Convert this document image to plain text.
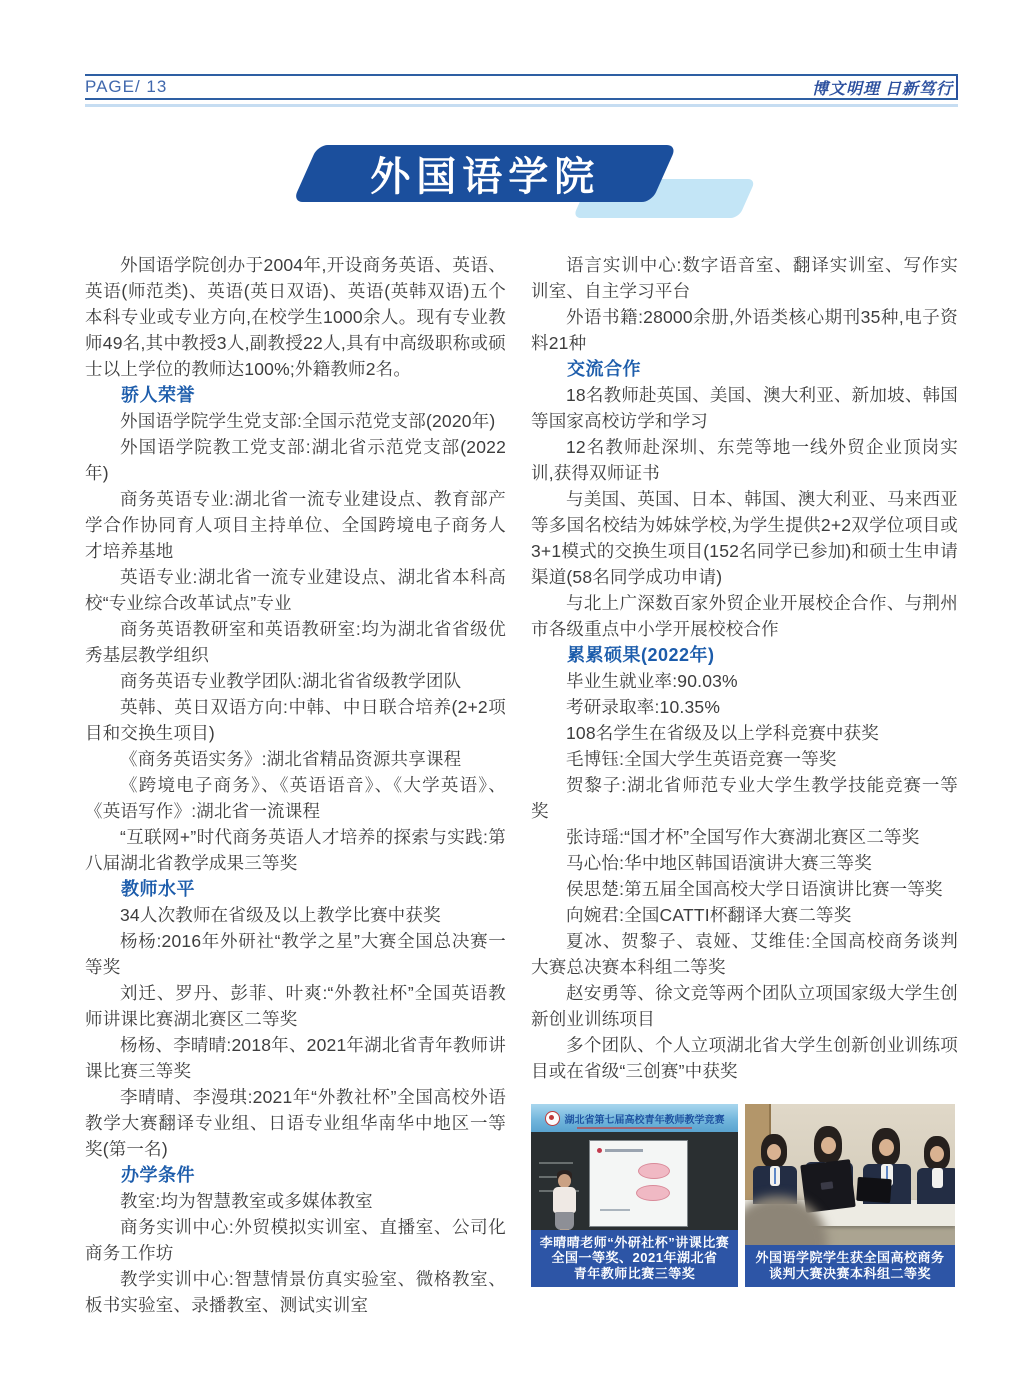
PAGE/ 13	博文明理 日新笃行
外国语学院
外国语学院创办于2004年,开设商务英语、英语、英语(师范类)、英语(英日双语)、英语(英韩双语)五个本科专业或专业方向,在校学生1000余人。现有专业教师49名,其中教授3人,副教授22人,具有中高级职称或硕士以上学位的教师达100%;外籍教师2名。
骄人荣誉
外国语学院学生党支部:全国示范党支部(2020年)
外国语学院教工党支部:湖北省示范党支部(2022年)
商务英语专业:湖北省一流专业建设点、教育部产学合作协同育人项目主持单位、全国跨境电子商务人才培养基地
英语专业:湖北省一流专业建设点、湖北省本科高校“专业综合改革试点”专业
商务英语教研室和英语教研室:均为湖北省省级优秀基层教学组织
商务英语专业教学团队:湖北省省级教学团队
英韩、英日双语方向:中韩、中日联合培养(2+2项目和交换生项目)
《商务英语实务》:湖北省精品资源共享课程
《跨境电子商务》、《英语语音》、《大学英语》、《英语写作》:湖北省一流课程
“互联网+”时代商务英语人才培养的探索与实践:第八届湖北省教学成果三等奖
教师水平
34人次教师在省级及以上教学比赛中获奖
杨杨:2016年外研社“教学之星”大赛全国总决赛一等奖
刘迁、罗丹、彭菲、叶爽:“外教社杯”全国英语教师讲课比赛湖北赛区二等奖
杨杨、李晴晴:2018年、2021年湖北省青年教师讲课比赛三等奖
李晴晴、李漫琪:2021年“外教社杯”全国高校外语教学大赛翻译专业组、日语专业组华南华中地区一等奖(第一名)
办学条件
教室:均为智慧教室或多媒体教室
商务实训中心:外贸模拟实训室、直播室、公司化商务工作坊
教学实训中心:智慧情景仿真实验室、微格教室、板书实验室、录播教室、测试实训室
语言实训中心:数字语音室、翻译实训室、写作实训室、自主学习平台
外语书籍:28000余册,外语类核心期刊35种,电子资料21种
交流合作
18名教师赴英国、美国、澳大利亚、新加坡、韩国等国家高校访学和学习
12名教师赴深圳、东莞等地一线外贸企业顶岗实训,获得双师证书
与美国、英国、日本、韩国、澳大利亚、马来西亚等多国名校结为姊妹学校,为学生提供2+2双学位项目或3+1模式的交换生项目(152名同学已参加)和硕士生申请渠道(58名同学成功申请)
与北上广深数百家外贸企业开展校企合作、与荆州市各级重点中小学开展校校合作
累累硕果(2022年)
毕业生就业率:90.03%
考研录取率:10.35%
108名学生在省级及以上学科竞赛中获奖
毛博钰:全国大学生英语竞赛一等奖
贺黎子:湖北省师范专业大学生教学技能竞赛一等奖
张诗瑶:“国才杯”全国写作大赛湖北赛区二等奖
马心怡:华中地区韩国语演讲大赛三等奖
侯思楚:第五届全国高校大学日语演讲比赛一等奖
向婉君:全国CATTI杯翻译大赛二等奖
夏冰、贺黎子、袁娅、艾维佳:全国高校商务谈判大赛总决赛本科组二等奖
赵安勇等、徐文竞等两个团队立项国家级大学生创新创业训练项目
多个团队、个人立项湖北省大学生创新创业训练项目或在省级“三创赛”中获奖
湖北省第七届高校青年教师教学竞赛
李晴晴老师“外研社杯”讲课比赛
全国一等奖、2021年湖北省
青年教师比赛三等奖
外国语学院学生获全国高校商务
谈判大赛决赛本科组二等奖
